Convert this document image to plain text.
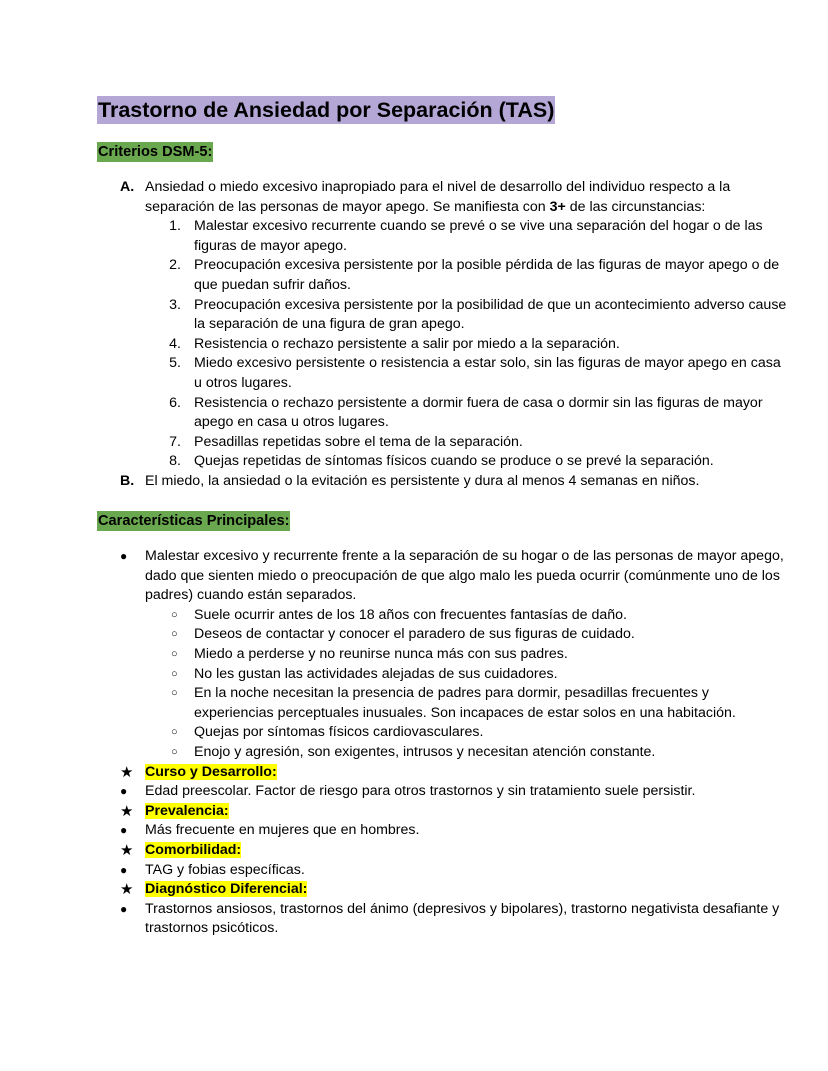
Trastorno de Ansiedad por Separación (TAS)
Criterios DSM-5:
A. Ansiedad o miedo excesivo inapropiado para el nivel de desarrollo del individuo respecto a la separación de las personas de mayor apego. Se manifiesta con 3+ de las circunstancias:
1. Malestar excesivo recurrente cuando se prevé o se vive una separación del hogar o de las figuras de mayor apego.
2. Preocupación excesiva persistente por la posible pérdida de las figuras de mayor apego o de que puedan sufrir daños.
3. Preocupación excesiva persistente por la posibilidad de que un acontecimiento adverso cause la separación de una figura de gran apego.
4. Resistencia o rechazo persistente a salir por miedo a la separación.
5. Miedo excesivo persistente o resistencia a estar solo, sin las figuras de mayor apego en casa u otros lugares.
6. Resistencia o rechazo persistente a dormir fuera de casa o dormir sin las figuras de mayor apego en casa u otros lugares.
7. Pesadillas repetidas sobre el tema de la separación.
8. Quejas repetidas de síntomas físicos cuando se produce o se prevé la separación.
B. El miedo, la ansiedad o la evitación es persistente y dura al menos 4 semanas en niños.
Características Principales:
● Malestar excesivo y recurrente frente a la separación de su hogar o de las personas de mayor apego, dado que sienten miedo o preocupación de que algo malo les pueda ocurrir (comúnmente uno de los padres) cuando están separados.
○ Suele ocurrir antes de los 18 años con frecuentes fantasías de daño.
○ Deseos de contactar y conocer el paradero de sus figuras de cuidado.
○ Miedo a perderse y no reunirse nunca más con sus padres.
○ No les gustan las actividades alejadas de sus cuidadores.
○ En la noche necesitan la presencia de padres para dormir, pesadillas frecuentes y experiencias perceptuales inusuales. Son incapaces de estar solos en una habitación.
○ Quejas por síntomas físicos cardiovasculares.
○ Enojo y agresión, son exigentes, intrusos y necesitan atención constante.
★ Curso y Desarrollo:
● Edad preescolar. Factor de riesgo para otros trastornos y sin tratamiento suele persistir.
★ Prevalencia:
● Más frecuente en mujeres que en hombres.
★ Comorbilidad:
● TAG y fobias específicas.
★ Diagnóstico Diferencial:
● Trastornos ansiosos, trastornos del ánimo (depresivos y bipolares), trastorno negativista desafiante y trastornos psicóticos.
